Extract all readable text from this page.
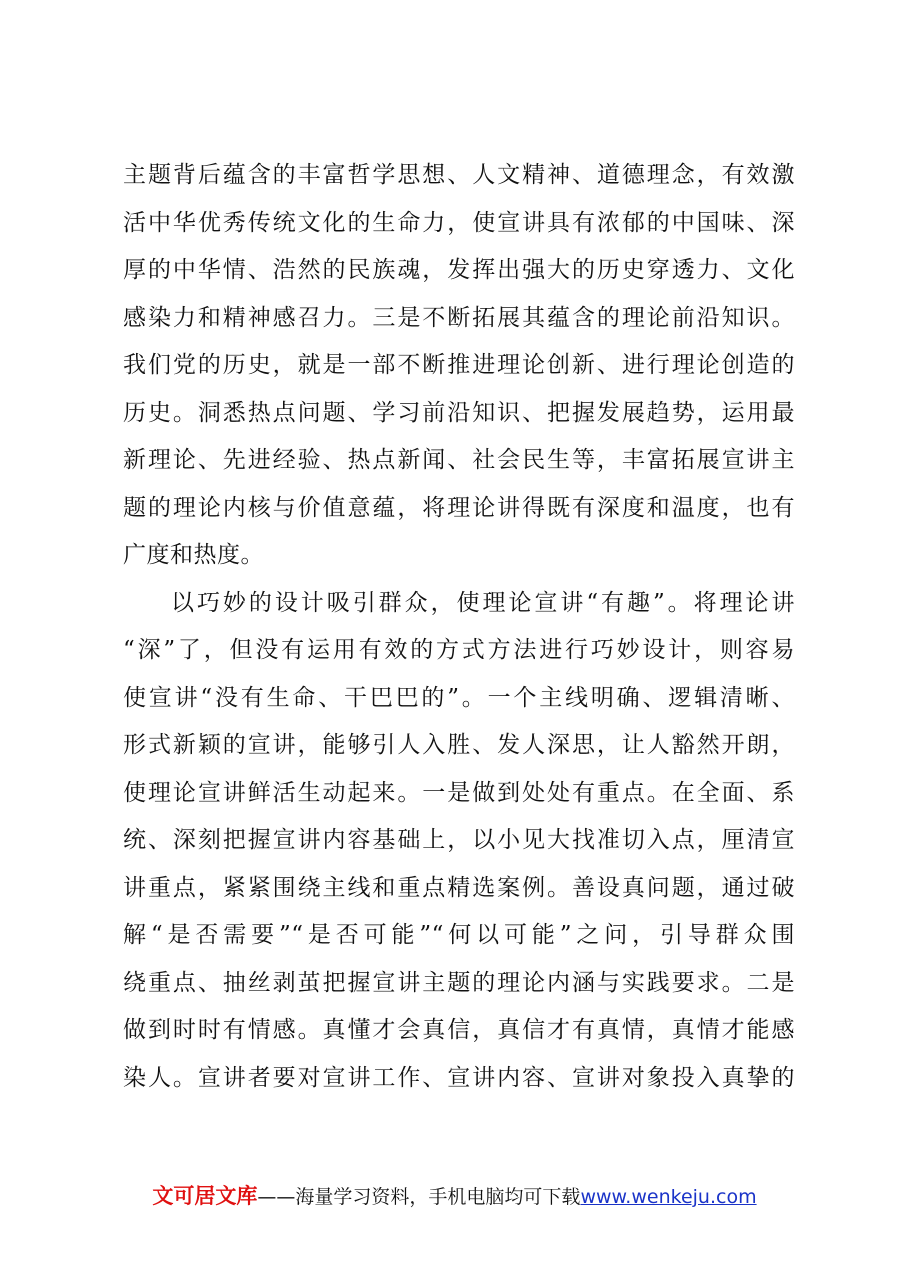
主题背后蕴含的丰富哲学思想、人文精神、道德理念，有效激
活中华优秀传统文化的生命力，使宣讲具有浓郁的中国味、深
厚的中华情、浩然的民族魂，发挥出强大的历史穿透力、文化
感染力和精神感召力。三是不断拓展其蕴含的理论前沿知识。
我们党的历史，就是一部不断推进理论创新、进行理论创造的
历史。洞悉热点问题、学习前沿知识、把握发展趋势，运用最
新理论、先进经验、热点新闻、社会民生等，丰富拓展宣讲主
题的理论内核与价值意蕴，将理论讲得既有深度和温度，也有
广度和热度。
以巧妙的设计吸引群众，使理论宣讲“有趣”。将理论讲
“深”了，但没有运用有效的方式方法进行巧妙设计，则容易
使宣讲“没有生命、干巴巴的”。一个主线明确、逻辑清晰、
形式新颖的宣讲，能够引人入胜、发人深思，让人豁然开朗，
使理论宣讲鲜活生动起来。一是做到处处有重点。在全面、系
统、深刻把握宣讲内容基础上，以小见大找准切入点，厘清宣
讲重点，紧紧围绕主线和重点精选案例。善设真问题，通过破
解“是否需要”“是否可能”“何以可能”之问，引导群众围
绕重点、抽丝剥茧把握宣讲主题的理论内涵与实践要求。二是
做到时时有情感。真懂才会真信，真信才有真情，真情才能感
染人。宣讲者要对宣讲工作、宣讲内容、宣讲对象投入真挚的
文可居文库——海量学习资料，手机电脑均可下载www.wenkeju.com
